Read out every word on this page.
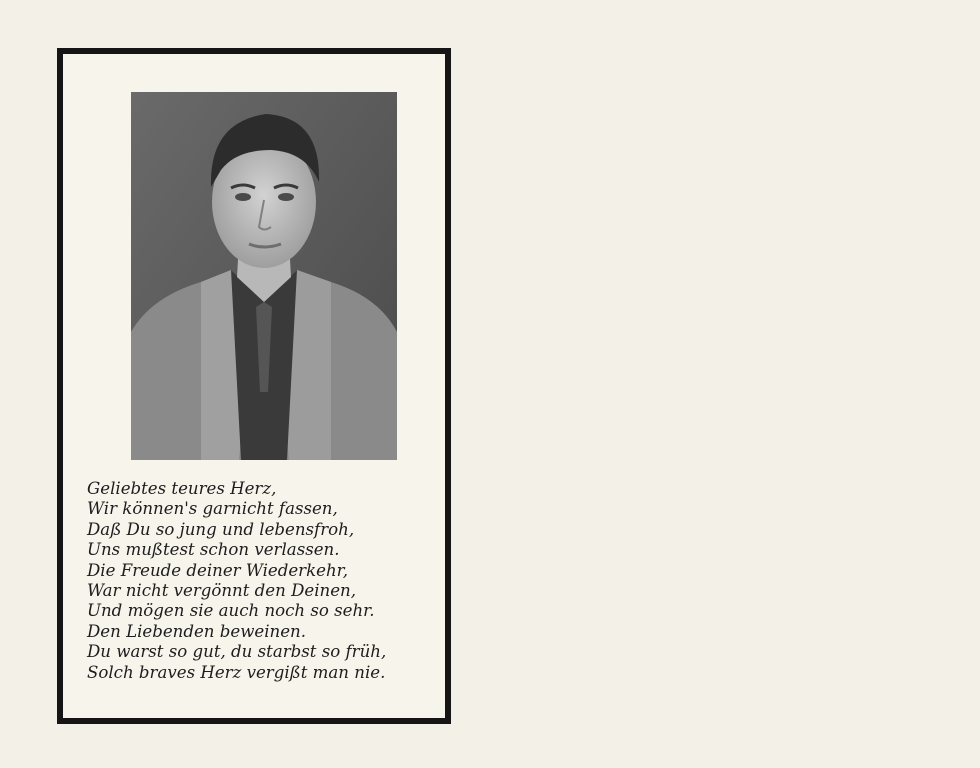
Geliebtes teures Herz,
Wir können's garnicht fassen,
Daß Du so jung und lebensfroh,
Uns mußtest schon verlassen.
Die Freude deiner Wiederkehr,
War nicht vergönnt den Deinen,
Und mögen sie auch noch so sehr.
Den Liebenden beweinen.
Du warst so gut, du starbst so früh,
Solch braves Herz vergißt man nie.
